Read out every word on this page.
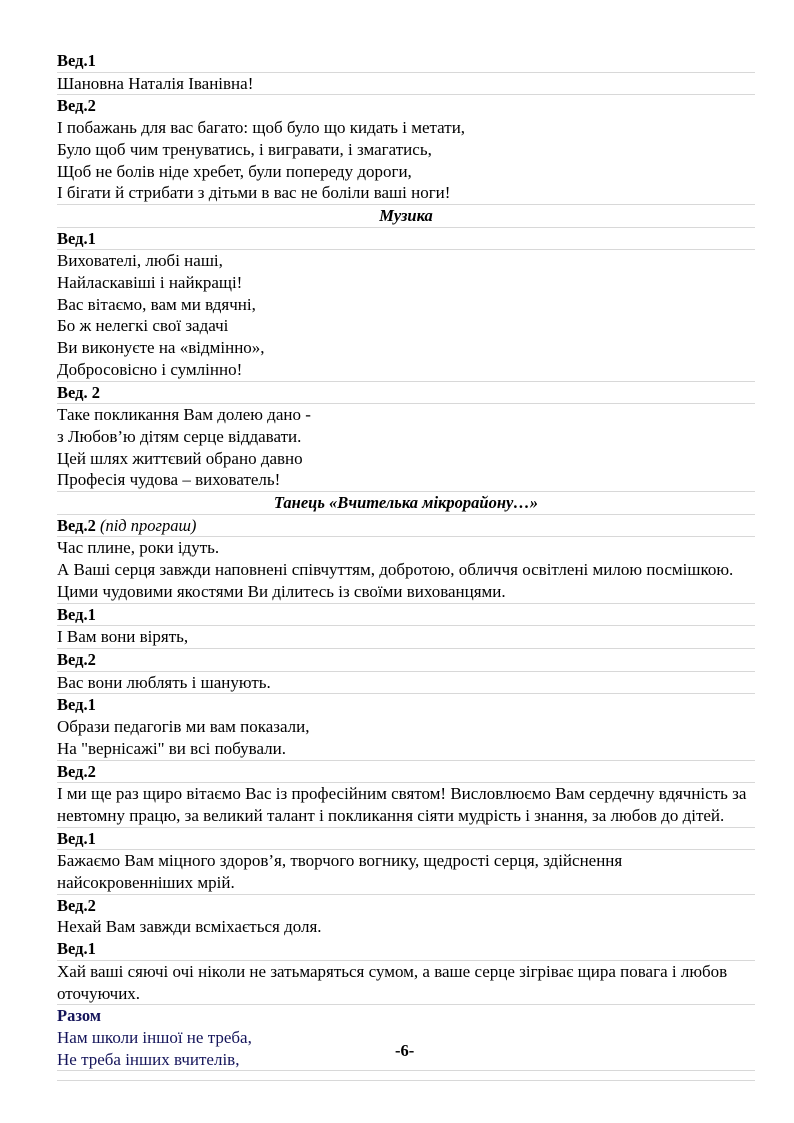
Вед.1
Шановна Наталія Іванівна!
Вед.2
І побажань для вас багато: щоб було що кидать і метати,
Було щоб чим тренуватись, і вигравати, і змагатись,
Щоб не болів ніде хребет, були попереду дороги,
І бігати й стрибати з дітьми в вас не боліли ваші ноги!
Музика
Вед.1
Вихователі, любі наші,
Найласкавіші і найкращі!
Вас вітаємо, вам ми вдячні,
Бо ж нелегкі свої задачі
Ви виконуєте на «відмінно»,
Добросовісно і сумлінно!
Вед. 2
Таке покликання Вам долею дано -
з Любов’ю дітям серце віддавати.
Цей шлях життєвий обрано давно
Професія чудова – вихователь!
Танець «Вчителька мікрорайону…»
Вед.2 (під програш)
Час плине, роки ідуть.
А Ваші серця завжди наповнені співчуттям, добротою, обличчя освітлені милою посмішкою. Цими чудовими якостями Ви ділитесь із своїми вихованцями.
Вед.1
І Вам вони вірять,
Вед.2
Вас вони люблять і шанують.
Вед.1
Образи педагогів ми вам показали,
На "вернісажі" ви всі побували.
Вед.2
І ми ще раз щиро вітаємо Вас із професійним святом! Висловлюємо Вам сердечну вдячність за невтомну працю, за великий талант і покликання сіяти мудрість і знання, за любов до дітей.
Вед.1
Бажаємо Вам міцного здоров’я, творчого вогнику, щедрості серця, здійснення найсокровенніших мрій.
Вед.2
Нехай Вам завжди всміхається доля.
Вед.1
Хай ваші сяючі очі ніколи не затьмаряться сумом, а ваше серце зігріває щира повага і любов оточуючих.
Разом
Нам школи іншої не треба,
Не треба інших вчителів,	-6-
